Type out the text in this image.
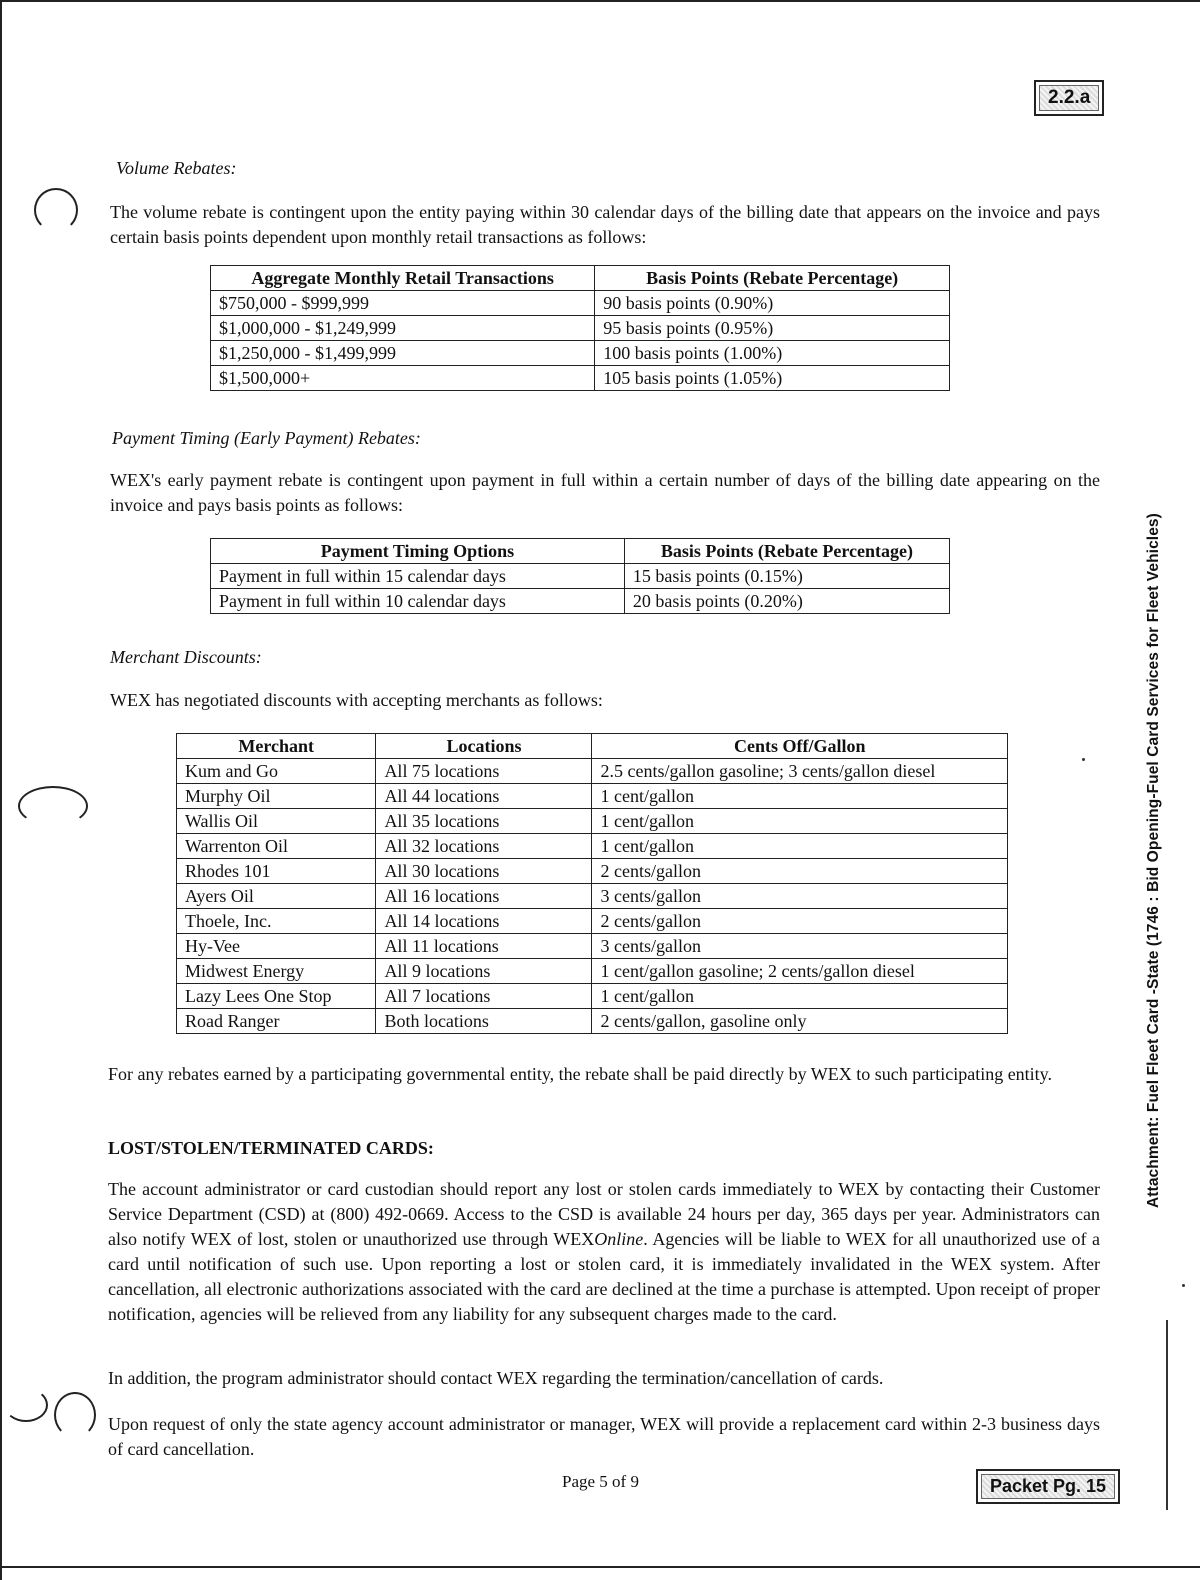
2.2.a
Attachment: Fuel Fleet Card -State (1746 : Bid Opening-Fuel Card Services for Fleet Vehicles)
Volume Rebates:
The volume rebate is contingent upon the entity paying within 30 calendar days of the billing date that appears on the invoice and pays certain basis points dependent upon monthly retail transactions as follows:
Aggregate Monthly Retail Transactions	Basis Points (Rebate Percentage)
$750,000 - $999,999	90 basis points (0.90%)
$1,000,000 - $1,249,999	95 basis points (0.95%)
$1,250,000 - $1,499,999	100 basis points (1.00%)
$1,500,000+	105 basis points (1.05%)
Payment Timing (Early Payment) Rebates:
WEX's early payment rebate is contingent upon payment in full within a certain number of days of the billing date appearing on the invoice and pays basis points as follows:
Payment Timing Options	Basis Points (Rebate Percentage)
Payment in full within 15 calendar days	15 basis points (0.15%)
Payment in full within 10 calendar days	20 basis points (0.20%)
Merchant Discounts:
WEX has negotiated discounts with accepting merchants as follows:
Merchant	Locations	Cents Off/Gallon
Kum and Go	All 75 locations	2.5 cents/gallon gasoline; 3 cents/gallon diesel
Murphy Oil	All 44 locations	1 cent/gallon
Wallis Oil	All 35 locations	1 cent/gallon
Warrenton Oil	All 32 locations	1 cent/gallon
Rhodes 101	All 30 locations	2 cents/gallon
Ayers Oil	All 16 locations	3 cents/gallon
Thoele, Inc.	All 14 locations	2 cents/gallon
Hy-Vee	All 11 locations	3 cents/gallon
Midwest Energy	All 9 locations	1 cent/gallon gasoline; 2 cents/gallon diesel
Lazy Lees One Stop	All 7 locations	1 cent/gallon
Road Ranger	Both locations	2 cents/gallon, gasoline only
For any rebates earned by a participating governmental entity, the rebate shall be paid directly by WEX to such participating entity.
LOST/STOLEN/TERMINATED CARDS:
The account administrator or card custodian should report any lost or stolen cards immediately to WEX by contacting their Customer Service Department (CSD) at (800) 492-0669. Access to the CSD is available 24 hours per day, 365 days per year. Administrators can also notify WEX of lost, stolen or unauthorized use through WEXOnline. Agencies will be liable to WEX for all unauthorized use of a card until notification of such use. Upon reporting a lost or stolen card, it is immediately invalidated in the WEX system. After cancellation, all electronic authorizations associated with the card are declined at the time a purchase is attempted. Upon receipt of proper notification, agencies will be relieved from any liability for any subsequent charges made to the card.
In addition, the program administrator should contact WEX regarding the termination/cancellation of cards.
Upon request of only the state agency account administrator or manager, WEX will provide a replacement card within 2-3 business days of card cancellation.
Page 5 of 9	Packet Pg. 15
